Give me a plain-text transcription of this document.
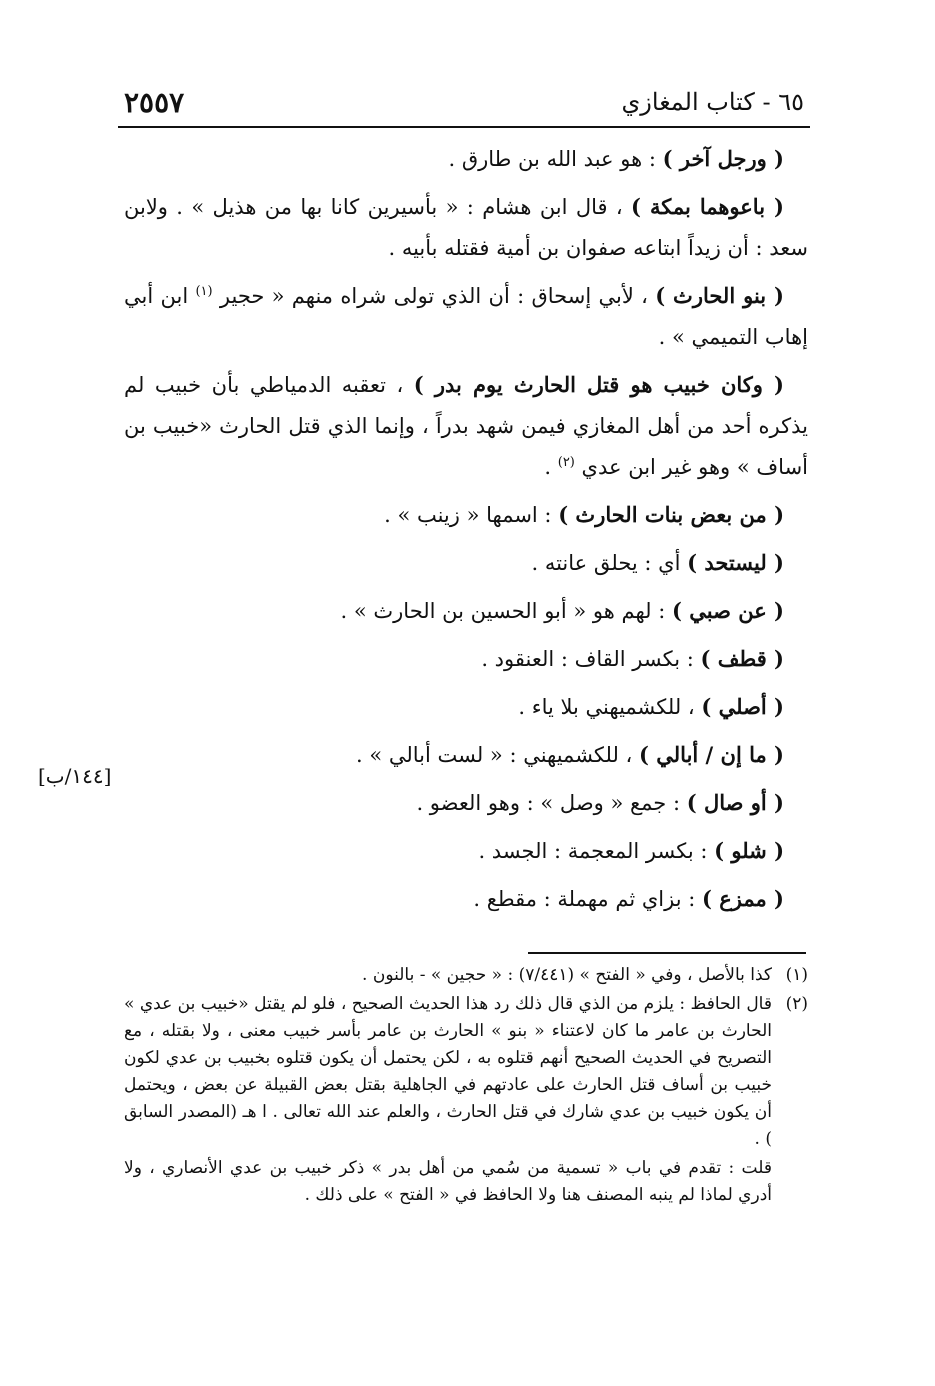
٢٥٥٧	٦٥ - كتاب المغازي

( ورجل آخر ) : هو عبد الله بن طارق .

( باعوهما بمكة ) ، قال ابن هشام : « بأسيرين كانا بها من هذيل » . ولابن سعد : أن زيداً ابتاعه صفوان بن أمية فقتله بأبيه .

( بنو الحارث ) ، لأبي إسحاق : أن الذي تولى شراه منهم « حجير $^{(١)}$ ابن أبي إهاب التميمي » .

( وكان خبيب هو قتل الحارث يوم بدر ) ، تعقبه الدمياطي بأن خبيب لم يذكره أحد من أهل المغازي فيمن شهد بدراً ، وإنما الذي قتل الحارث «خبيب بن أساف » وهو غير ابن عدي $^{(٢)}$ .

( من بعض بنات الحارث ) : اسمها « زينب » .
( ليستحد ) أي : يحلق عانته .
( عن صبي ) : لهم هو « أبو الحسين بن الحارث » .
( قطف ) : بكسر القاف : العنقود .
( أصلي ) ، للكشميهني بلا ياء .
( ما إن / أبالي ) ، للكشميهني : « لست أبالي » .
( أو صال ) : جمع « وصل » : وهو العضو .
( شلو ) : بكسر المعجمة : الجسد .
( ممزع ) : بزاي ثم مهملة : مقطع .
[١٤٤/ب]

(١)
كذا بالأصل ، وفي « الفتح » (٧/٤٤١) : « حجين » - بالنون .

(٢)
قال الحافظ : يلزم من الذي قال ذلك رد هذا الحديث الصحيح ، فلو لم يقتل «خبيب بن عدي » الحارث بن عامر ما كان لاعتناء « بنو » الحارث بن عامر بأسر خبيب معنى ، ولا بقتله ، مع التصريح في الحديث الصحيح أنهم قتلوه به ، لكن يحتمل أن يكون قتلوه بخبيب بن عدي لكون خبيب بن أساف قتل الحارث على عادتهم في الجاهلية بقتل بعض القبيلة عن بعض ، ويحتمل أن يكون خبيب بن عدي شارك في قتل الحارث ، والعلم عند الله تعالى . ا هـ (المصدر السابق ) .

قلت : تقدم في باب « تسمية من سُمي من أهل بدر » ذكر خبيب بن عدي الأنصاري ، ولا أدري لماذا لم ينبه المصنف هنا ولا الحافظ في « الفتح » على ذلك .
